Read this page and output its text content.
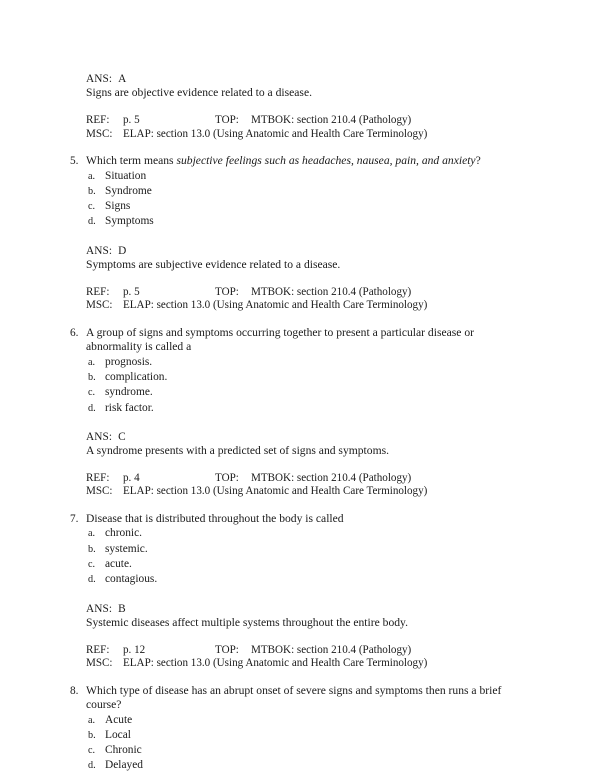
ANS: A
Signs are objective evidence related to a disease.
REF:	p. 5	TOP:	MTBOK: section 210.4 (Pathology)
MSC: ELAP: section 13.0 (Using Anatomic and Health Care Terminology)
5. Which term means subjective feelings such as headaches, nausea, pain, and anxiety?
a. Situation
b. Syndrome
c. Signs
d. Symptoms
ANS: D
Symptoms are subjective evidence related to a disease.
REF:	p. 5	TOP:	MTBOK: section 210.4 (Pathology)
MSC: ELAP: section 13.0 (Using Anatomic and Health Care Terminology)
6. A group of signs and symptoms occurring together to present a particular disease or abnormality is called a
a. prognosis.
b. complication.
c. syndrome.
d. risk factor.
ANS: C
A syndrome presents with a predicted set of signs and symptoms.
REF:	p. 4	TOP:	MTBOK: section 210.4 (Pathology)
MSC: ELAP: section 13.0 (Using Anatomic and Health Care Terminology)
7. Disease that is distributed throughout the body is called
a. chronic.
b. systemic.
c. acute.
d. contagious.
ANS: B
Systemic diseases affect multiple systems throughout the entire body.
REF:	p. 12	TOP:	MTBOK: section 210.4 (Pathology)
MSC: ELAP: section 13.0 (Using Anatomic and Health Care Terminology)
8. Which type of disease has an abrupt onset of severe signs and symptoms then runs a brief course?
a. Acute
b. Local
c. Chronic
d. Delayed
